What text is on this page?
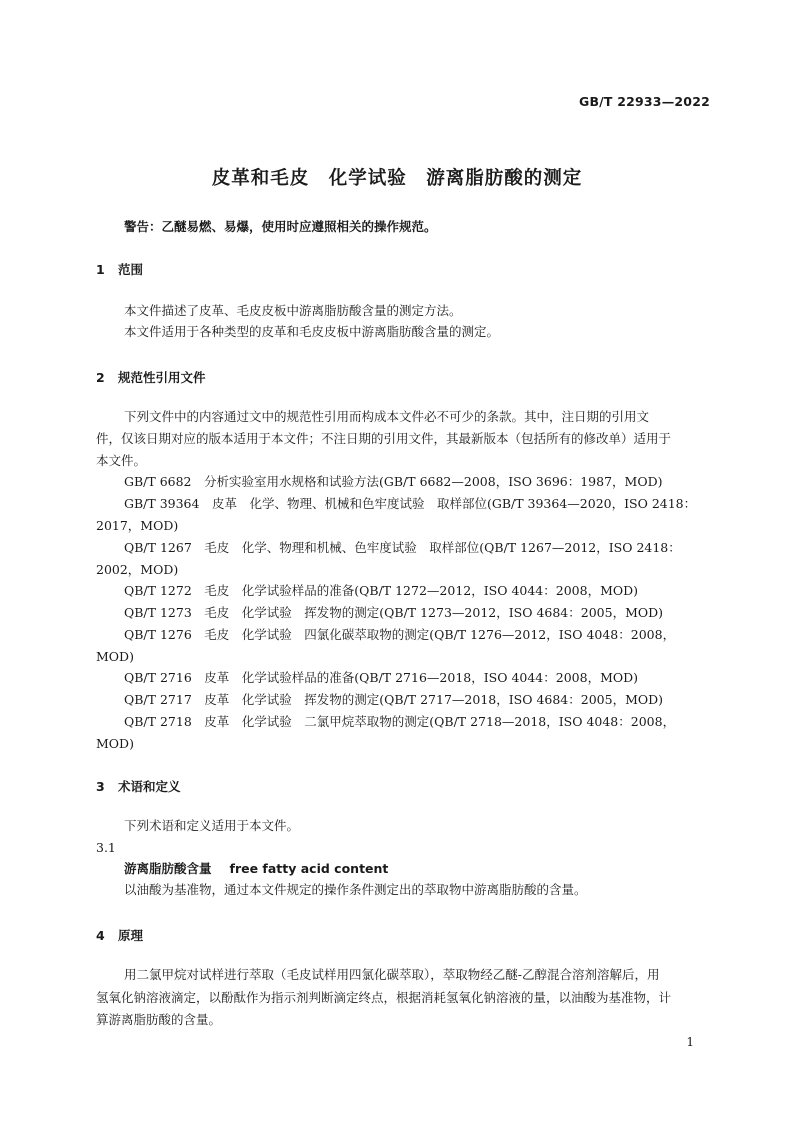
GB/T 22933—2022
皮革和毛皮　化学试验　游离脂肪酸的测定
警告：乙醚易燃、易爆，使用时应遵照相关的操作规范。
1 范围
本文件描述了皮革、毛皮皮板中游离脂肪酸含量的测定方法。
本文件适用于各种类型的皮革和毛皮皮板中游离脂肪酸含量的测定。
2 规范性引用文件
下列文件中的内容通过文中的规范性引用而构成本文件必不可少的条款。其中，注日期的引用文
件，仅该日期对应的版本适用于本文件；不注日期的引用文件，其最新版本（包括所有的修改单）适用于
本文件。
GB/T 6682　分析实验室用水规格和试验方法(GB/T 6682—2008，ISO 3696：1987，MOD)
GB/T 39364　皮革　化学、物理、机械和色牢度试验　取样部位(GB/T 39364—2020，ISO 2418：
2017，MOD)
QB/T 1267　毛皮　化学、物理和机械、色牢度试验　取样部位(QB/T 1267—2012，ISO 2418：
2002，MOD)
QB/T 1272　毛皮　化学试验样品的准备(QB/T 1272—2012，ISO 4044：2008，MOD)
QB/T 1273　毛皮　化学试验　挥发物的测定(QB/T 1273—2012，ISO 4684：2005，MOD)
QB/T 1276　毛皮　化学试验　四氯化碳萃取物的测定(QB/T 1276—2012，ISO 4048：2008，
MOD)
QB/T 2716　皮革　化学试验样品的准备(QB/T 2716—2018，ISO 4044：2008，MOD)
QB/T 2717　皮革　化学试验　挥发物的测定(QB/T 2717—2018，ISO 4684：2005，MOD)
QB/T 2718　皮革　化学试验　二氯甲烷萃取物的测定(QB/T 2718—2018，ISO 4048：2008，
MOD)
3 术语和定义
下列术语和定义适用于本文件。
3.1
游离脂肪酸含量 free fatty acid content
以油酸为基准物，通过本文件规定的操作条件测定出的萃取物中游离脂肪酸的含量。
4 原理
用二氯甲烷对试样进行萃取（毛皮试样用四氯化碳萃取），萃取物经乙醚-乙醇混合溶剂溶解后，用
氢氧化钠溶液滴定，以酚酞作为指示剂判断滴定终点，根据消耗氢氧化钠溶液的量，以油酸为基准物，计
算游离脂肪酸的含量。
1
